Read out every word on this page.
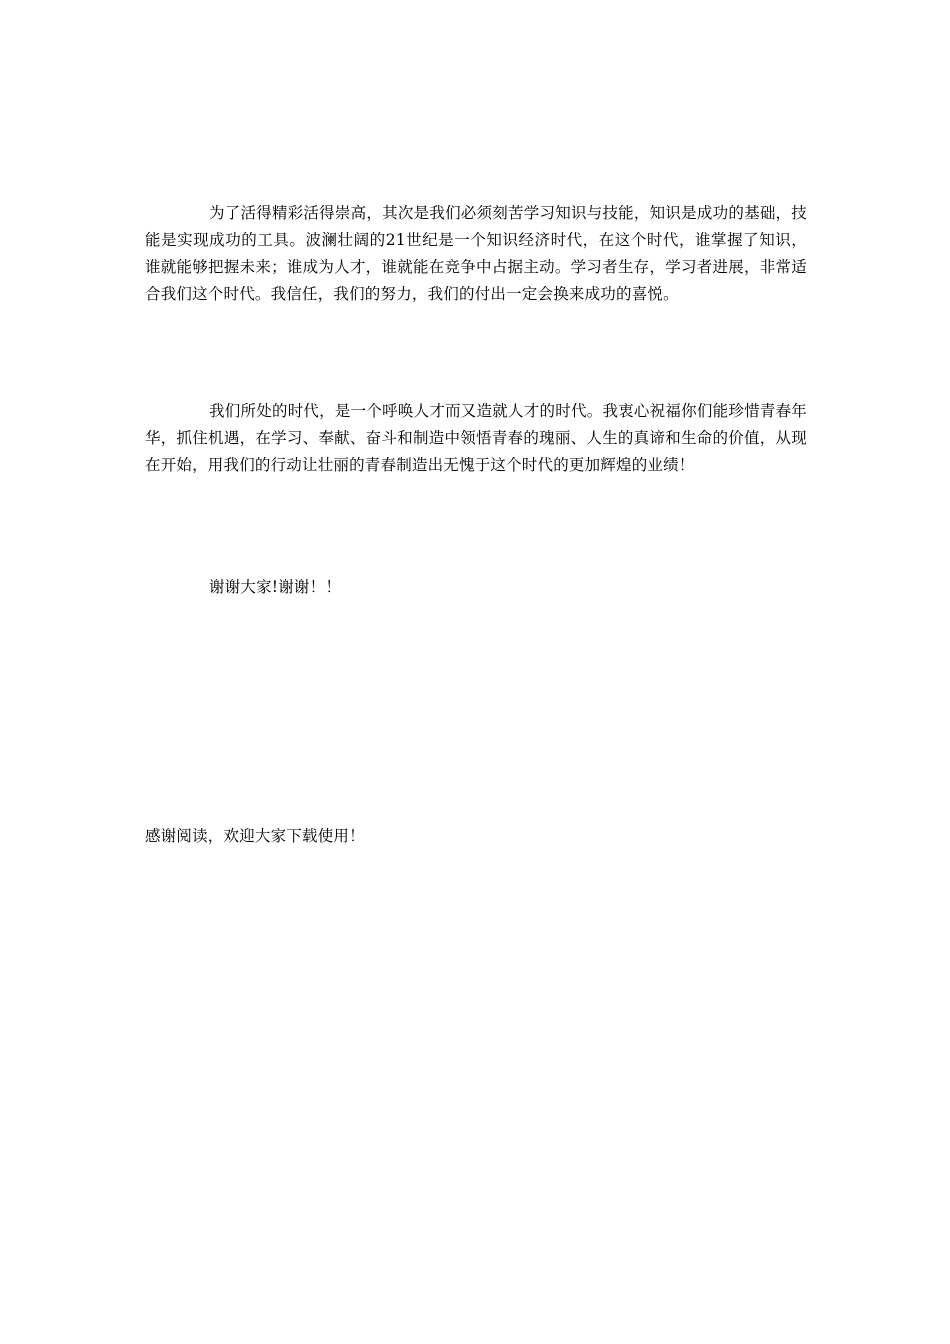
为了活得精彩活得崇高，其次是我们必须刻苦学习知识与技能，知识是成功的基础，技能是实现成功的工具。波澜壮阔的21世纪是一个知识经济时代，在这个时代，谁掌握了知识，谁就能够把握未来；谁成为人才，谁就能在竞争中占据主动。学习者生存，学习者进展，非常适合我们这个时代。我信任，我们的努力，我们的付出一定会换来成功的喜悦。

我们所处的时代，是一个呼唤人才而又造就人才的时代。我衷心祝福你们能珍惜青春年华，抓住机遇，在学习、奉献、奋斗和制造中领悟青春的瑰丽、人生的真谛和生命的价值，从现在开始，用我们的行动让壮丽的青春制造出无愧于这个时代的更加辉煌的业绩！

谢谢大家!谢谢！！

感谢阅读，欢迎大家下载使用！
